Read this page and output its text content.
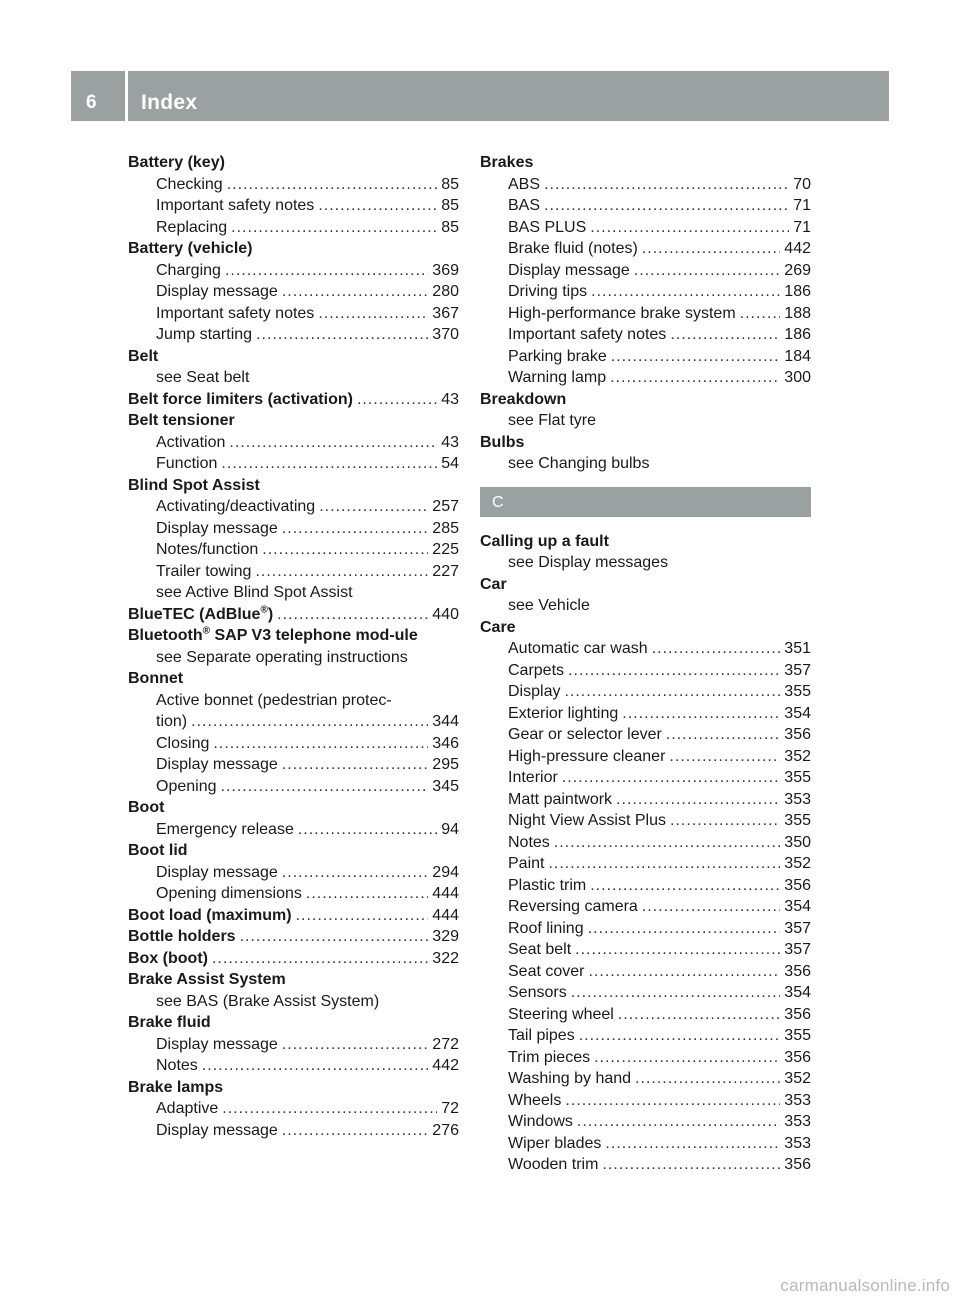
6 Index
Battery (key)
Checking .....	85
Important safety notes .....	85
Replacing .....	85
Battery (vehicle)
Charging .....	369
Display message .....	280
Important safety notes .....	367
Jump starting .....	370
Belt
see Seat belt
Belt force limiters (activation) .....	43
Belt tensioner
Activation .....	43
Function .....	54
Blind Spot Assist
Activating/deactivating .....	257
Display message .....	285
Notes/function .....	225
Trailer towing .....	227
see Active Blind Spot Assist
BlueTEC (AdBlue®) .....	440
Bluetooth® SAP V3 telephone mod-ule
see Separate operating instructions
Bonnet
Active bonnet (pedestrian protec-
tion) .....	344
Closing .....	346
Display message .....	295
Opening .....	345
Boot
Emergency release .....	94
Boot lid
Display message .....	294
Opening dimensions .....	444
Boot load (maximum) .....	444
Bottle holders .....	329
Box (boot) .....	322
Brake Assist System
see BAS (Brake Assist System)
Brake fluid
Display message .....	272
Notes .....	442
Brake lamps
Adaptive .....	72
Display message .....	276
Brakes
ABS .....	70
BAS .....	71
BAS PLUS .....	71
Brake fluid (notes) .....	442
Display message .....	269
Driving tips .....	186
High-performance brake system .....	188
Important safety notes .....	186
Parking brake .....	184
Warning lamp .....	300
Breakdown
see Flat tyre
Bulbs
see Changing bulbs
C
Calling up a fault
see Display messages
Car
see Vehicle
Care
Automatic car wash .....	351
Carpets .....	357
Display .....	355
Exterior lighting .....	354
Gear or selector lever .....	356
High-pressure cleaner .....	352
Interior .....	355
Matt paintwork .....	353
Night View Assist Plus .....	355
Notes .....	350
Paint .....	352
Plastic trim .....	356
Reversing camera .....	354
Roof lining .....	357
Seat belt .....	357
Seat cover .....	356
Sensors .....	354
Steering wheel .....	356
Tail pipes .....	355
Trim pieces .....	356
Washing by hand .....	352
Wheels .....	353
Windows .....	353
Wiper blades .....	353
Wooden trim .....	356
carmanualsonline.info
